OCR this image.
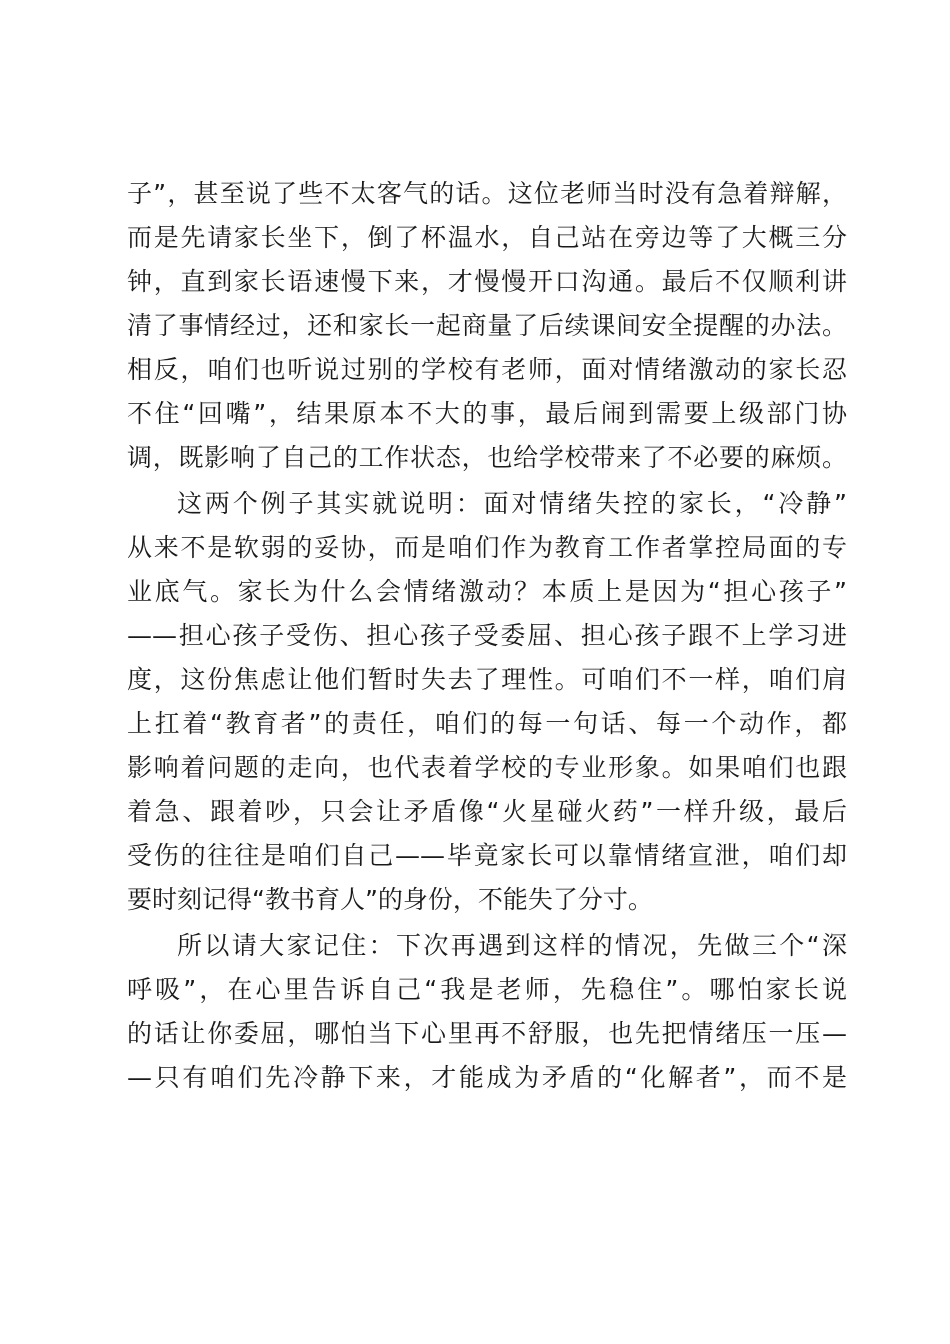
子”，甚至说了些不太客气的话。这位老师当时没有急着辩解，
而是先请家长坐下，倒了杯温水，自己站在旁边等了大概三分
钟，直到家长语速慢下来，才慢慢开口沟通。最后不仅顺利讲
清了事情经过，还和家长一起商量了后续课间安全提醒的办法。
相反，咱们也听说过别的学校有老师，面对情绪激动的家长忍
不住“回嘴”，结果原本不大的事，最后闹到需要上级部门协
调，既影响了自己的工作状态，也给学校带来了不必要的麻烦。
这两个例子其实就说明：面对情绪失控的家长，“冷静”
从来不是软弱的妥协，而是咱们作为教育工作者掌控局面的专
业底气。家长为什么会情绪激动？本质上是因为“担心孩子”
——担心孩子受伤、担心孩子受委屈、担心孩子跟不上学习进
度，这份焦虑让他们暂时失去了理性。可咱们不一样，咱们肩
上扛着“教育者”的责任，咱们的每一句话、每一个动作，都
影响着问题的走向，也代表着学校的专业形象。如果咱们也跟
着急、跟着吵，只会让矛盾像“火星碰火药”一样升级，最后
受伤的往往是咱们自己——毕竟家长可以靠情绪宣泄，咱们却
要时刻记得“教书育人”的身份，不能失了分寸。
所以请大家记住：下次再遇到这样的情况，先做三个“深
呼吸”，在心里告诉自己“我是老师，先稳住”。哪怕家长说
的话让你委屈，哪怕当下心里再不舒服，也先把情绪压一压—
—只有咱们先冷静下来，才能成为矛盾的“化解者”，而不是
